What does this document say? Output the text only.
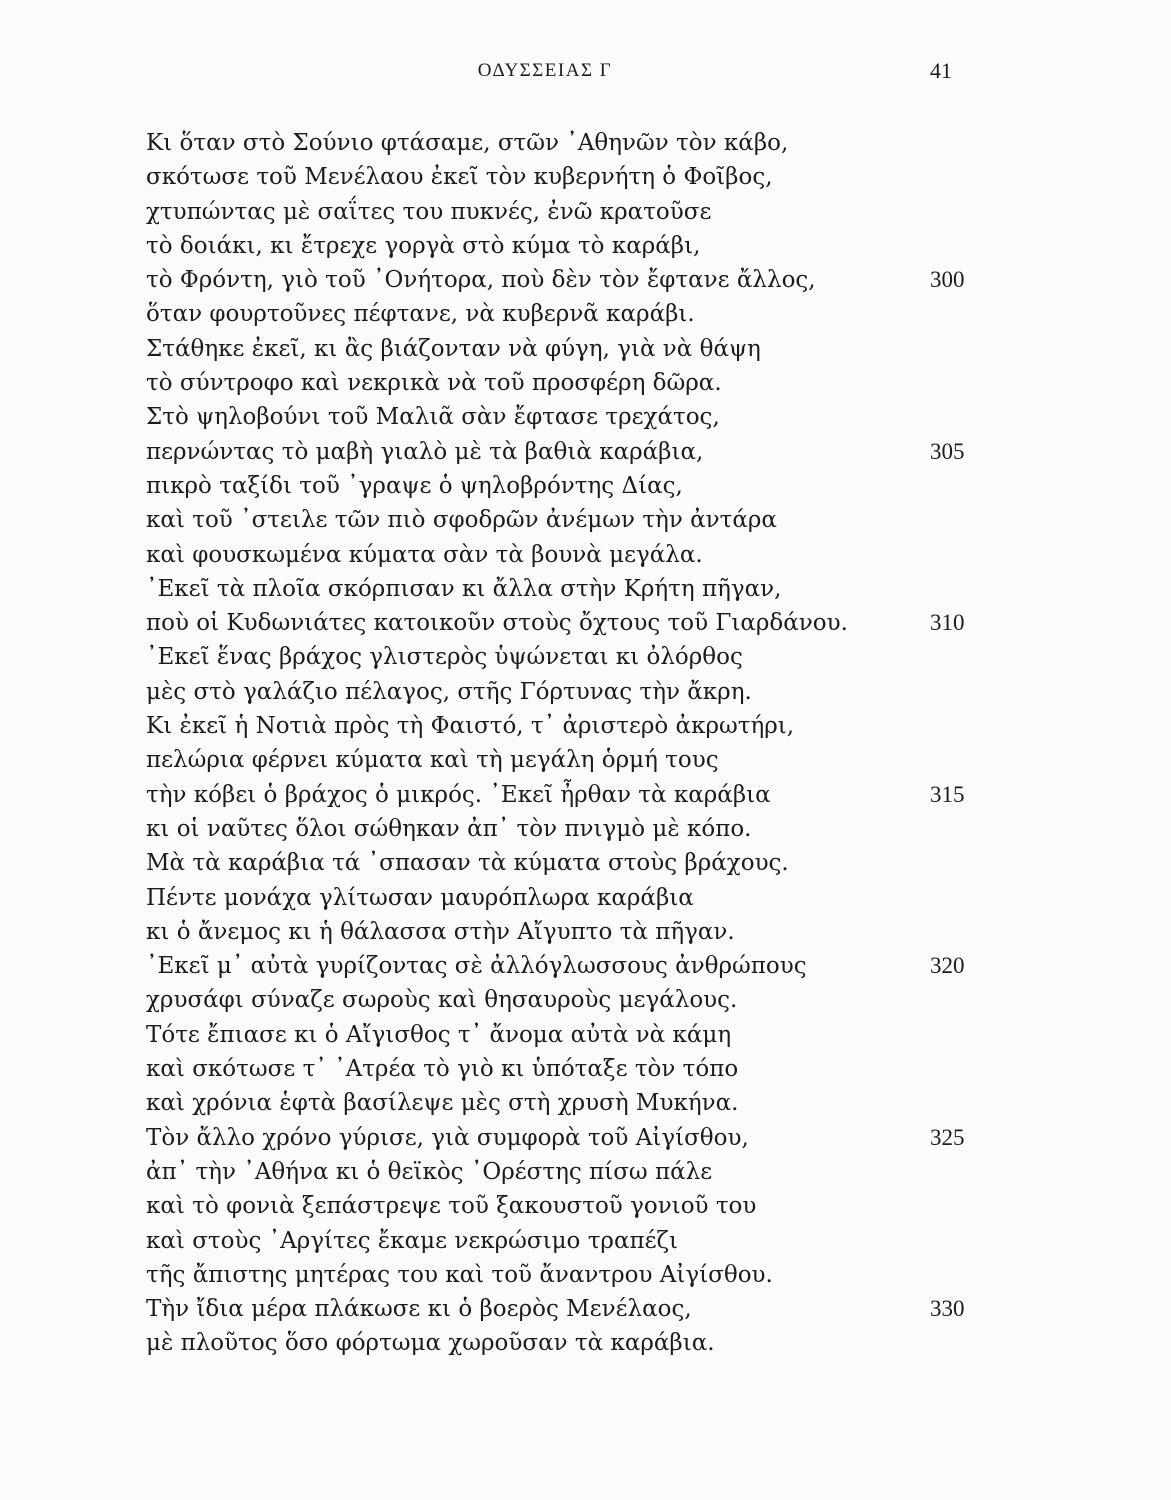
ΟΔΥΣΣΕΙΑΣ Γ	41
Κι ὅταν στὸ Σούνιο φτάσαμε, στῶν ᾿Αθηνῶν τὸν κάβο,
σκότωσε τοῦ Μενέλαου ἐκεῖ τὸν κυβερνήτη ὁ Φοῖβος,
χτυπώντας μὲ σαΐτες του πυκνές, ἐνῶ κρατοῦσε
τὸ δοιάκι, κι ἔτρεχε γοργὰ στὸ κύμα τὸ καράβι,
τὸ Φρόντη, γιὸ τοῦ ᾿Ονήτορα, ποὺ δὲν τὸν ἔφτανε ἄλλος,	300
ὅταν φουρτοῦνες πέφτανε, νὰ κυβερνᾶ καράβι.
Στάθηκε ἐκεῖ, κι ἂς βιάζονταν νὰ φύγη, γιὰ νὰ θάψη
τὸ σύντροφο καὶ νεκρικὰ νὰ τοῦ προσφέρη δῶρα.
Στὸ ψηλοβούνι τοῦ Μαλιᾶ σὰν ἔφτασε τρεχάτος,
περνώντας τὸ μαβὴ γιαλὸ μὲ τὰ βαθιὰ καράβια,	305
πικρὸ ταξίδι τοῦ ᾿γραψε ὁ ψηλοβρόντης Δίας,
καὶ τοῦ ᾿στειλε τῶν πιὸ σφοδρῶν ἀνέμων τὴν ἀντάρα
καὶ φουσκωμένα κύματα σὰν τὰ βουνὰ μεγάλα.
᾿Εκεῖ τὰ πλοῖα σκόρπισαν κι ἄλλα στὴν Κρήτη πῆγαν,
ποὺ οἱ Κυδωνιάτες κατοικοῦν στοὺς ὄχτους τοῦ Γιαρδάνου.	310
᾿Εκεῖ ἕνας βράχος γλιστερὸς ὑψώνεται κι ὀλόρθος
μὲς στὸ γαλάζιο πέλαγος, στῆς Γόρτυνας τὴν ἄκρη.
Κι ἐκεῖ ἡ Νοτιὰ πρὸς τὴ Φαιστό, τ᾿ ἀριστερὸ ἀκρωτήρι,
πελώρια φέρνει κύματα καὶ τὴ μεγάλη ὁρμή τους
τὴν κόβει ὁ βράχος ὁ μικρός. ᾿Εκεῖ ἦρθαν τὰ καράβια	315
κι οἱ ναῦτες ὅλοι σώθηκαν ἀπ᾿ τὸν πνιγμὸ μὲ κόπο.
Μὰ τὰ καράβια τά ᾿σπασαν τὰ κύματα στοὺς βράχους.
Πέντε μονάχα γλίτωσαν μαυρόπλωρα καράβια
κι ὁ ἄνεμος κι ἡ θάλασσα στὴν Αἴγυπτο τὰ πῆγαν.
᾿Εκεῖ μ᾿ αὐτὰ γυρίζοντας σὲ ἀλλόγλωσσους ἀνθρώπους	320
χρυσάφι σύναζε σωροὺς καὶ θησαυροὺς μεγάλους.
Τότε ἔπιασε κι ὁ Αἴγισθος τ᾿ ἄνομα αὐτὰ νὰ κάμη
καὶ σκότωσε τ᾿ ᾿Ατρέα τὸ γιὸ κι ὑπόταξε τὸν τόπο
καὶ χρόνια ἑφτὰ βασίλεψε μὲς στὴ χρυσὴ Μυκήνα.
Τὸν ἄλλο χρόνο γύρισε, γιὰ συμφορὰ τοῦ Αἰγίσθου,	325
ἀπ᾿ τὴν ᾿Αθήνα κι ὁ θεϊκὸς ᾿Ορέστης πίσω πάλε
καὶ τὸ φονιὰ ξεπάστρεψε τοῦ ξακουστοῦ γονιοῦ του
καὶ στοὺς ᾿Αργίτες ἔκαμε νεκρώσιμο τραπέζι
τῆς ἄπιστης μητέρας του καὶ τοῦ ἄναντρου Αἰγίσθου.
Τὴν ἴδια μέρα πλάκωσε κι ὁ βοερὸς Μενέλαος,	330
μὲ πλοῦτος ὅσο φόρτωμα χωροῦσαν τὰ καράβια.
